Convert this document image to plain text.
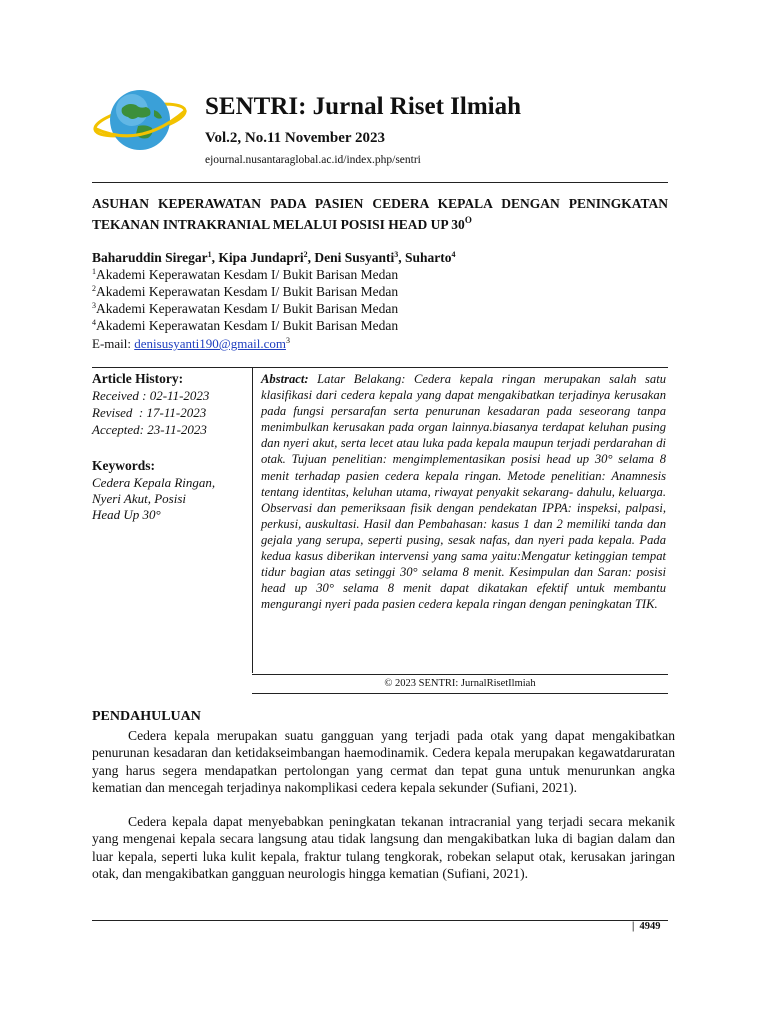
SENTRI: Jurnal Riset Ilmiah
Vol.2, No.11 November 2023
ejournal.nusantaraglobal.ac.id/index.php/sentri
ASUHAN KEPERAWATAN PADA PASIEN CEDERA KEPALA DENGAN PENINGKATAN TEKANAN INTRAKRANIAL MELALUI POSISI HEAD UP $30^O$
Baharuddin Siregar$^1$, Kipa Jundapri$^2$, Deni Susyanti$^3$, Suharto$^4$
$^1$Akademi Keperawatan Kesdam I/ Bukit Barisan Medan
$^2$Akademi Keperawatan Kesdam I/ Bukit Barisan Medan
$^3$Akademi Keperawatan Kesdam I/ Bukit Barisan Medan
$^4$Akademi Keperawatan Kesdam I/ Bukit Barisan Medan
E-mail: denisusyanti190@gmail.com$^3$
Article History:
Received : 02-11-2023
Revised  : 17-11-2023
Accepted: 23-11-2023
Keywords:
Cedera Kepala Ringan,
Nyeri Akut, Posisi
Head Up 30°
Abstract: Latar Belakang: Cedera kepala ringan merupakan salah satu klasifikasi dari cedera kepala yang dapat mengakibatkan terjadinya kerusakan pada fungsi persarafan serta penurunan kesadaran pada seseorang tanpa menimbulkan kerusakan pada organ lainnya.biasanya terdapat keluhan pusing dan nyeri akut, serta lecet atau luka pada kepala maupun terjadi perdarahan di otak. Tujuan penelitian: mengimplementasikan posisi head up 30° selama 8 menit terhadap pasien cedera kepala ringan. Metode penelitian: Anamnesis tentang identitas, keluhan utama, riwayat penyakit sekarang- dahulu, keluarga. Observasi dan pemeriksaan fisik dengan pendekatan IPPA: inspeksi, palpasi, perkusi, auskultasi. Hasil dan Pembahasan: kasus 1 dan 2 memiliki tanda dan gejala yang serupa, seperti pusing, sesak nafas, dan nyeri pada kepala. Pada kedua kasus diberikan intervensi yang sama yaitu:Mengatur ketinggian tempat tidur bagian atas setinggi 30° selama 8 menit. Kesimpulan dan Saran: posisi head up 30° selama 8 menit dapat dikatakan efektif untuk membantu mengurangi nyeri pada pasien cedera kepala ringan dengan peningkatan TIK.
© 2023 SENTRI: JurnalRisetIlmiah
PENDAHULUAN
Cedera kepala merupakan suatu gangguan yang terjadi pada otak yang dapat mengakibatkan penurunan kesadaran dan ketidakseimbangan haemodinamik. Cedera kepala merupakan kegawatdaruratan yang harus segera mendapatkan pertolongan yang cermat dan tepat guna untuk menurunkan angka kematian dan mencegah terjadinya nakomplikasi cedera kepala sekunder (Sufiani, 2021).
Cedera kepala dapat menyebabkan peningkatan tekanan intracranial yang terjadi secara mekanik yang mengenai kepala secara langsung atau tidak langsung dan mengakibatkan luka di bagian dalam dan luar kepala, seperti luka kulit kepala, fraktur tulang tengkorak, robekan selaput otak, kerusakan jaringan otak, dan mengakibatkan gangguan neurologis hingga kematian (Sufiani, 2021).
|  4949
